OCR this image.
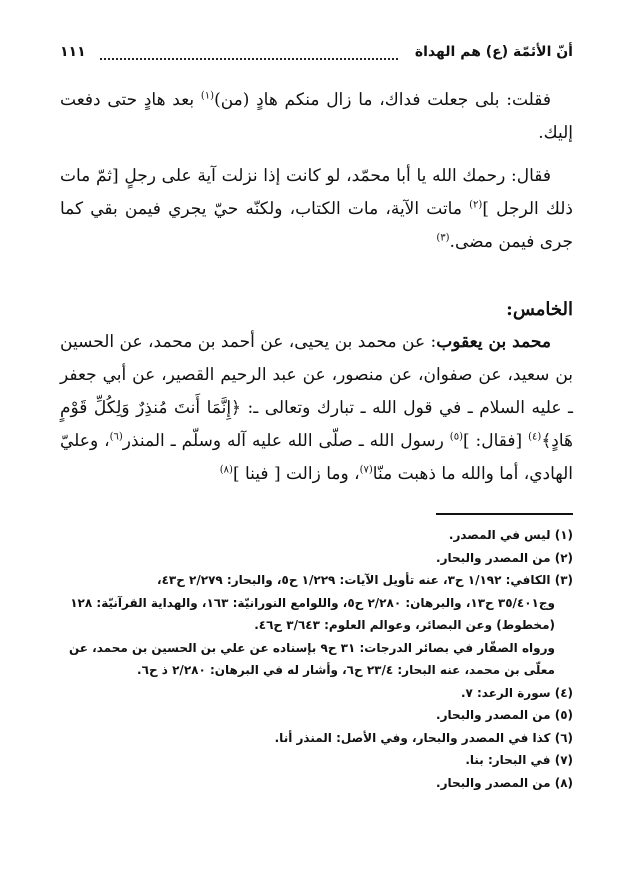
أنّ الأئمّة (ع) هم الهداة
١١١

فقلت: بلى جعلت فداك، ما زال منكم هادٍ (من)$^{(١)}$ بعد هادٍ حتى دفعت إليك.

فقال: رحمك الله يا أبا محمّد، لو كانت إذا نزلت آية على رجلٍ [ثمّ مات ذلك الرجل ]$^{(٢)}$ ماتت الآية، مات الكتاب، ولكنّه حيّ يجري فيمن بقي كما جرى فيمن مضى.$^{(٣)}$

الخامس:

محمد بن يعقوب: عن محمد بن يحيى، عن أحمد بن محمد، عن الحسين بن سعيد، عن صفوان، عن منصور، عن عبد الرحيم القصير، عن أبي جعفر ـ عليه السلام ـ في قول الله ـ تبارك وتعالى ـ: ﴿إِنَّمَا أَنتَ مُنذِرٌ وَلِكُلِّ قَوْمٍ هَادٍ﴾$^{(٤)}$ [فقال: ]$^{(٥)}$ رسول الله ـ صلّى الله عليه آله وسلّم ـ المنذر$^{(٦)}$، وعليّ الهادي، أما والله ما ذهبت منّا$^{(٧)}$، وما زالت [ فينا ]$^{(٨)}$

(١) ليس في المصدر.

(٢) من المصدر والبحار.

(٣) الكافي: ١/١٩٢ ح٣، عنه تأويل الآيات: ١/٢٢٩ ح٥، والبحار: ٢/٢٧٩ ح٤٣،

وج٣٥/٤٠١ ح١٣، والبرهان: ٢/٢٨٠ ح٥، واللوامع النورانيّة: ١٦٣، والهداية القرآنيّة: ١٢٨ (مخطوط) وعن البصائر، وعوالم العلوم: ٣/٦٤٣ ح٤٦.

ورواه الصفّار في بصائر الدرجات: ٣١ ح٩ بإسناده عن علي بن الحسين بن محمد، عن معلّى بن محمد، عنه البحار: ٢٣/٤ ح٦، وأشار له في البرهان: ٢/٢٨٠ ذ ح٦.

(٤) سورة الرعد: ٧.

(٥) من المصدر والبحار.

(٦) كذا في المصدر والبحار، وفي الأصل: المنذر أنا.

(٧) في البحار: بنا.

(٨) من المصدر والبحار.
